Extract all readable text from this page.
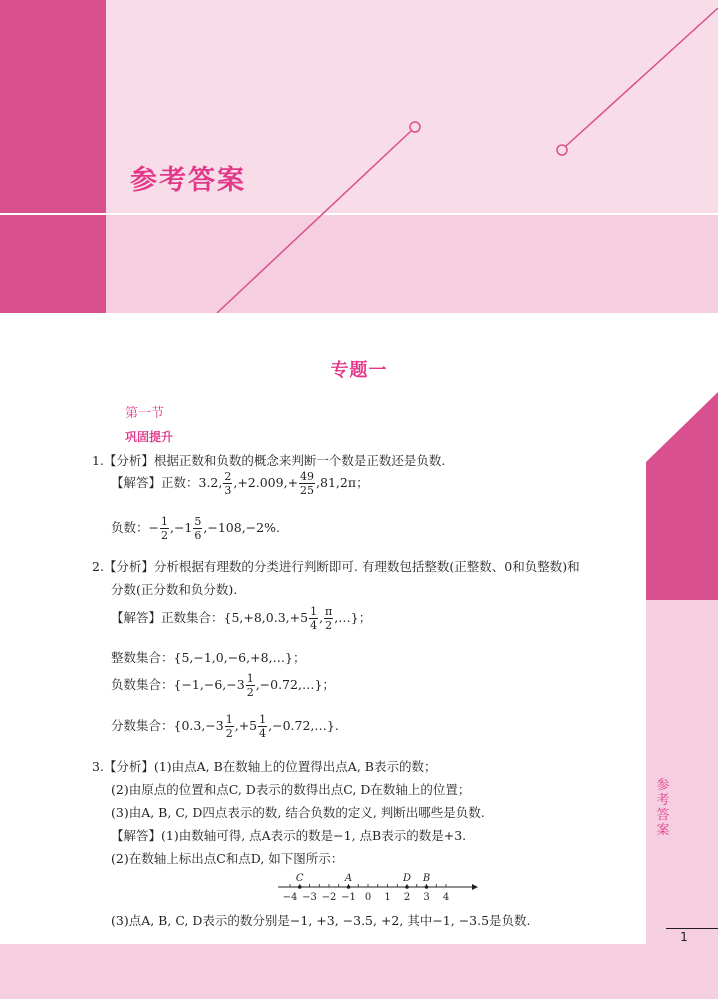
参考答案
参考答案
1
专题一
第一节
巩固提升
1.【分析】根据正数和负数的概念来判断一个数是正数还是负数.
【解答】正数：3.2, $\frac{2}{3} ,+2.009,+ \frac{49}{25} ,81,2\pi$；
负数：− $\frac{1}{2} ,-1 \frac{5}{6} ,-108,-2\%$.
2.【分析】分析根据有理数的分类进行判断即可. 有理数包括整数(正整数、0和负整数)和
分数(正分数和负分数).
【解答】正数集合：{$5,+8,0.3,+5 \frac{1}{4}$ , $\frac{\pi}{2}$ ,…}；
整数集合：{5,−1,0,−6,+8,…}；
负数集合：{$-1,-6,-3 \frac{1}{2}$ ,−0.72,…}；
分数集合：{$0.3,-3 \frac{1}{2} ,+5 \frac{1}{4}$ ,−0.72,…}.
3.【分析】(1)由点A, B在数轴上的位置得出点A, B表示的数；
(2)由原点的位置和点C, D表示的数得出点C, D在数轴上的位置；
(3)由A, B, C, D四点表示的数, 结合负数的定义, 判断出哪些是负数.
【解答】(1)由数轴可得, 点A表示的数是−1, 点B表示的数是+3.
(2)在数轴上标出点C和点D, 如下图所示：
−4 −3 −2 −1 0 1 2 3 4
C	A	D B
(3)点A, B, C, D表示的数分别是−1, +3, −3.5, +2, 其中−1, −3.5是负数.
